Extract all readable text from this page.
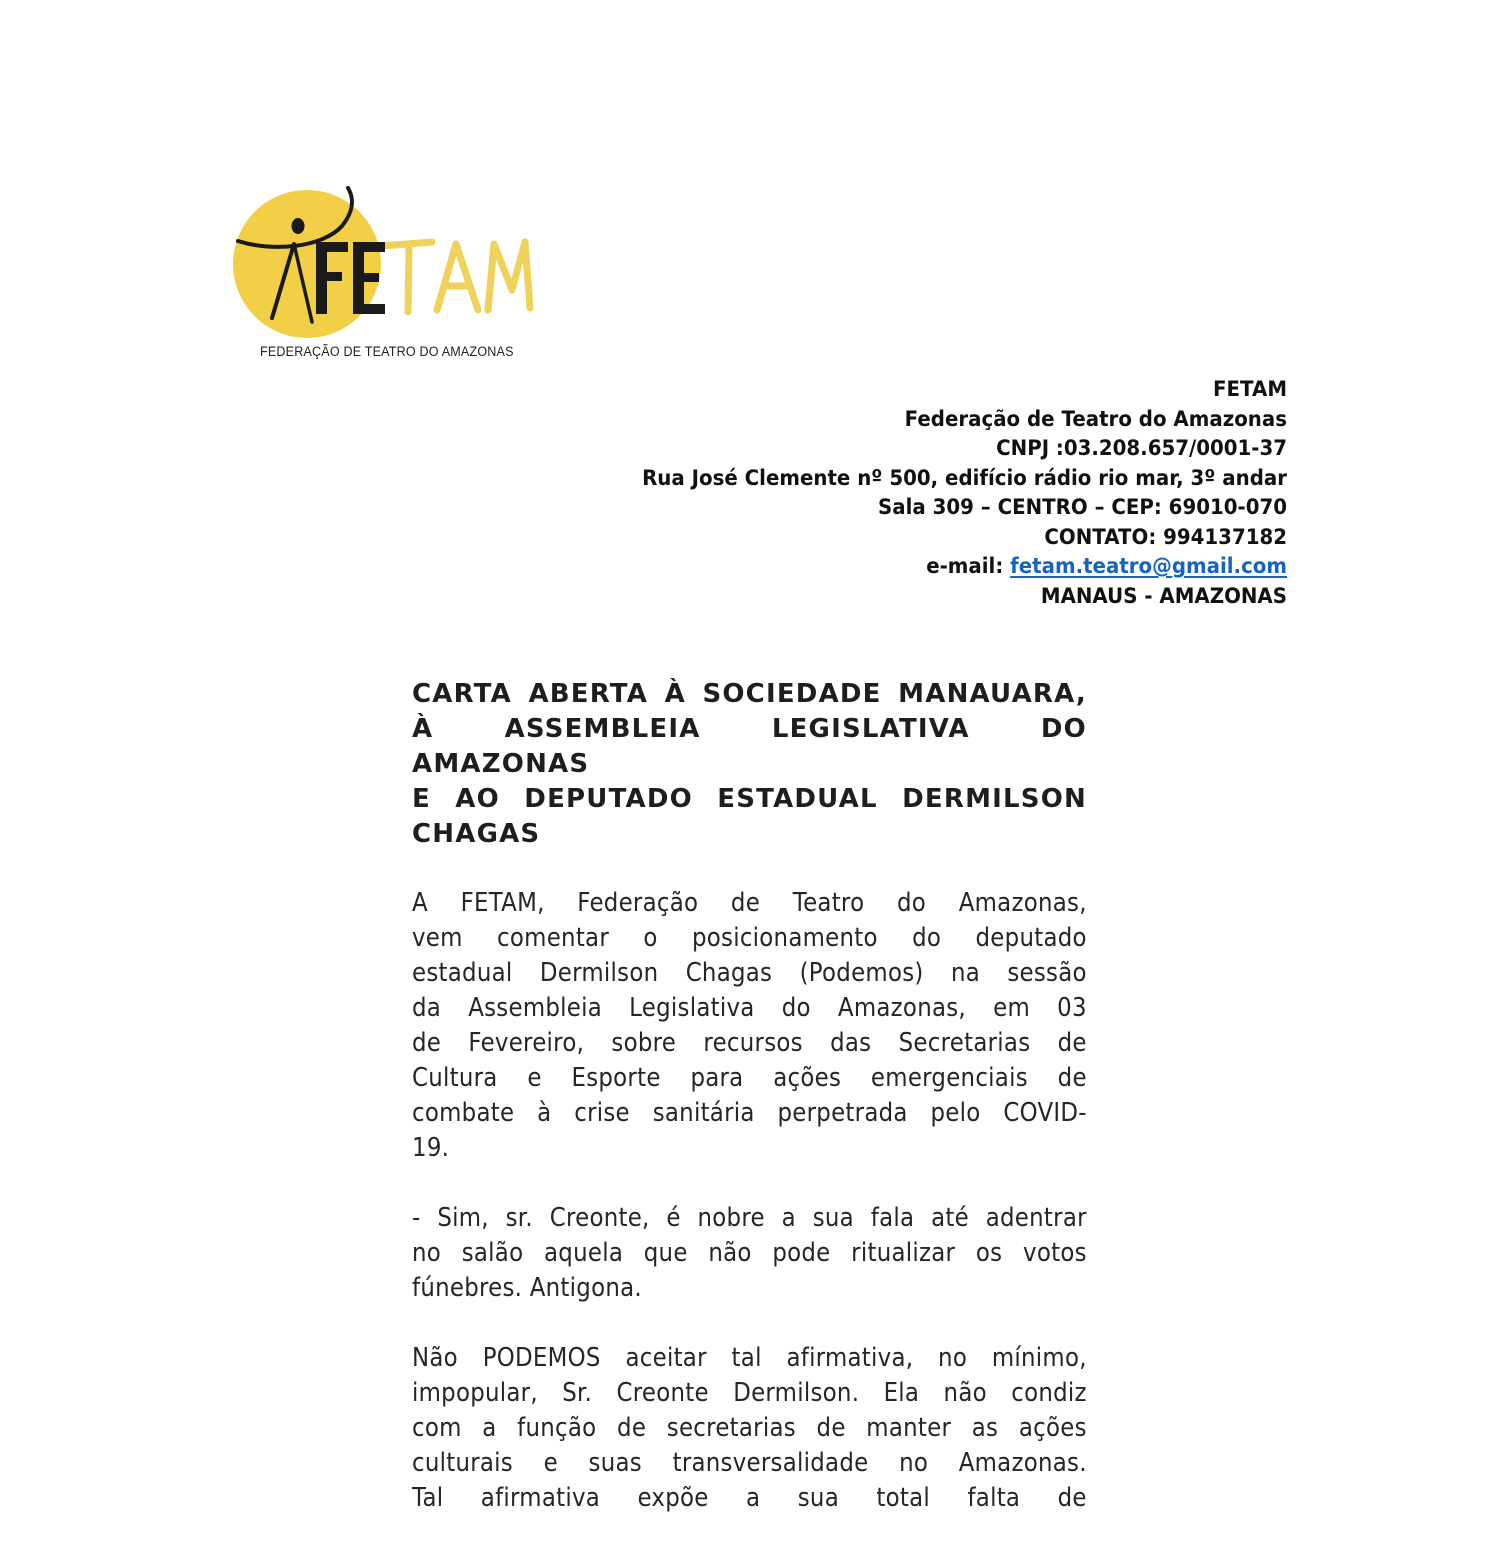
FEDERAÇÃO DE TEATRO DO AMAZONAS
FETAM
Federação de Teatro do Amazonas
CNPJ :03.208.657/0001-37
Rua José Clemente nº 500, edifício rádio rio mar, 3º andar
Sala 309 – CENTRO – CEP: 69010-070
CONTATO: 994137182
e-mail: fetam.teatro@gmail.com
MANAUS - AMAZONAS
CARTA ABERTA À SOCIEDADE MANAUARA,
À ASSEMBLEIA LEGISLATIVA DO AMAZONAS
E AO DEPUTADO ESTADUAL DERMILSON
CHAGAS
A FETAM, Federação de Teatro do Amazonas,
vem comentar o posicionamento do deputado
estadual Dermilson Chagas (Podemos) na sessão
da Assembleia Legislativa do Amazonas, em 03
de Fevereiro, sobre recursos das Secretarias de
Cultura e Esporte para ações emergenciais de
combate à crise sanitária perpetrada pelo COVID-
19.
- Sim, sr. Creonte, é nobre a sua fala até adentrar
no salão aquela que não pode ritualizar os votos
fúnebres. Antigona.
Não PODEMOS aceitar tal afirmativa, no mínimo,
impopular, Sr. Creonte Dermilson. Ela não condiz
com a função de secretarias de manter as ações
culturais e suas transversalidade no Amazonas.
Tal afirmativa expõe a sua total falta de
